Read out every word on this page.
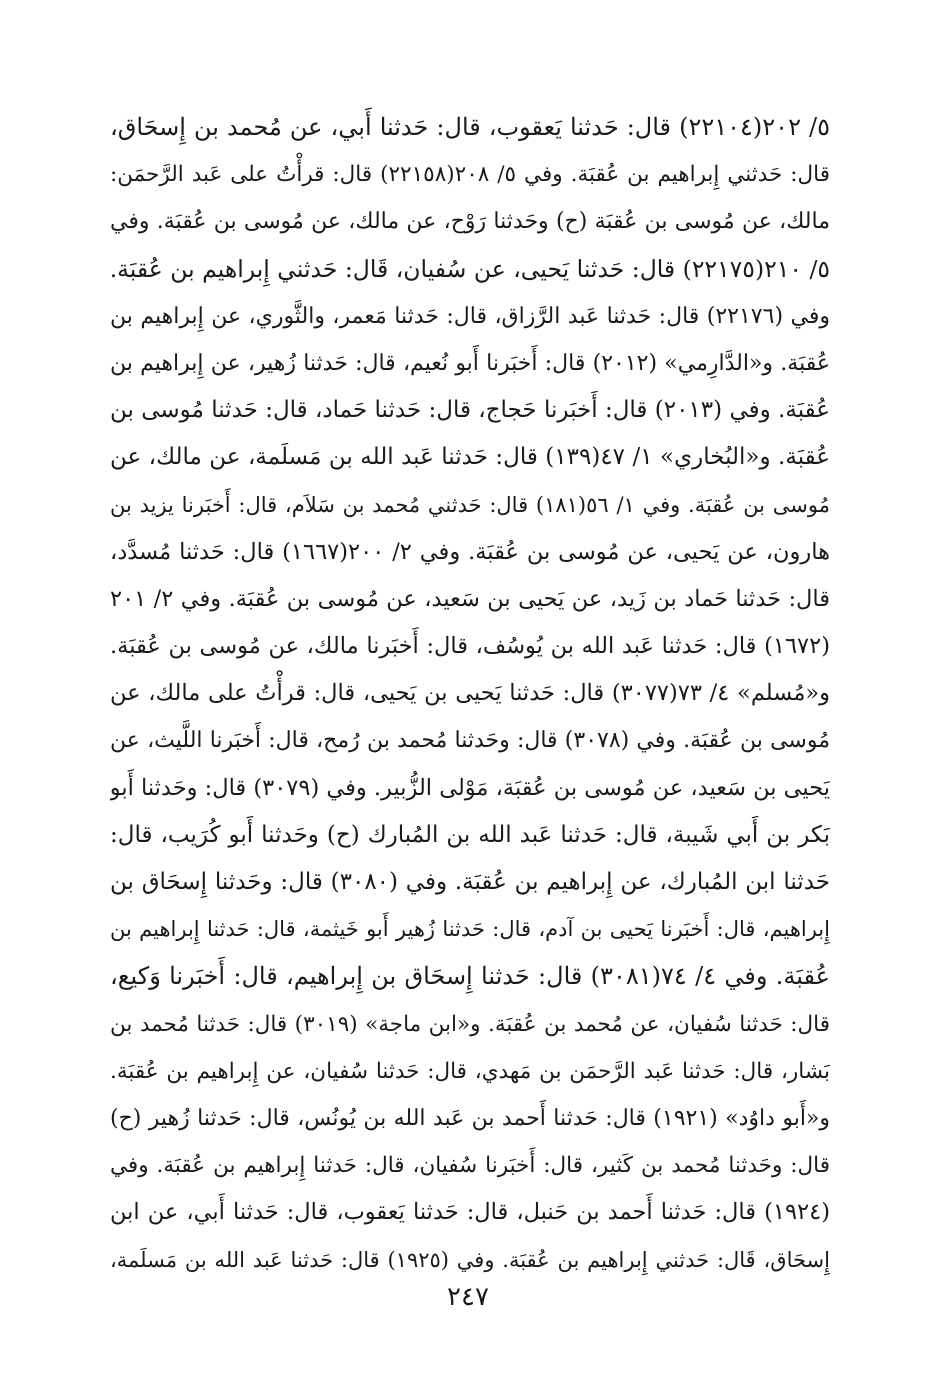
٥/ ٢٠٢(٢٢١٠٤) قال: حَدثنا يَعقوب، قال: حَدثنا أَبي، عن مُحمد بن إِسحَاق،
قال: حَدثني إِبراهيم بن عُقبَة. وفي ٥/ ٢٠٨(٢٢١٥٨) قال: قرأْتُ على عَبد الرَّحمَن:
مالك، عن مُوسى بن عُقبَة (ح) وحَدثنا رَوْح، عن مالك، عن مُوسى بن عُقبَة. وفي
٥/ ٢١٠(٢٢١٧٥) قال: حَدثنا يَحيى، عن سُفيان، قَال: حَدثني إِبراهيم بن عُقبَة.
وفي (٢٢١٧٦) قال: حَدثنا عَبد الرَّزاق، قال: حَدثنا مَعمر، والثَّوري، عن إِبراهيم بن
عُقبَة. و«الدَّارِمي» (٢٠١٢) قال: أَخبَرنا أَبو نُعيم، قال: حَدثنا زُهير، عن إِبراهيم بن
عُقبَة. وفي (٢٠١٣) قال: أَخبَرنا حَجاج، قال: حَدثنا حَماد، قال: حَدثنا مُوسى بن
عُقبَة. و«البُخاري» ١/ ٤٧(١٣٩) قال: حَدثنا عَبد الله بن مَسلَمة، عن مالك، عن
مُوسى بن عُقبَة. وفي ١/ ٥٦(١٨١) قال: حَدثني مُحمد بن سَلاَم، قال: أَخبَرنا يزيد بن
هارون، عن يَحيى، عن مُوسى بن عُقبَة. وفي ٢/ ٢٠٠(١٦٦٧) قال: حَدثنا مُسدَّد،
قال: حَدثنا حَماد بن زَيد، عن يَحيى بن سَعيد، عن مُوسى بن عُقبَة. وفي ٢/ ٢٠١
(١٦٧٢) قال: حَدثنا عَبد الله بن يُوسُف، قال: أَخبَرنا مالك، عن مُوسى بن عُقبَة.
و«مُسلم» ٤/ ٧٣(٣٠٧٧) قال: حَدثنا يَحيى بن يَحيى، قال: قرأْتُ على مالك، عن
مُوسى بن عُقبَة. وفي (٣٠٧٨) قال: وحَدثنا مُحمد بن رُمح، قال: أَخبَرنا اللَّيث، عن
يَحيى بن سَعيد، عن مُوسى بن عُقبَة، مَوْلى الزُّبير. وفي (٣٠٧٩) قال: وحَدثنا أَبو
بَكر بن أَبي شَيبة، قال: حَدثنا عَبد الله بن المُبارك (ح) وحَدثنا أَبو كُرَيب، قال:
حَدثنا ابن المُبارك، عن إِبراهيم بن عُقبَة. وفي (٣٠٨٠) قال: وحَدثنا إِسحَاق بن
إِبراهيم، قال: أَخبَرنا يَحيى بن آدم، قال: حَدثنا زُهير أَبو خَيثمة، قال: حَدثنا إِبراهيم بن
عُقبَة. وفي ٤/ ٧٤(٣٠٨١) قال: حَدثنا إِسحَاق بن إِبراهيم، قال: أَخبَرنا وَكيع،
قال: حَدثنا سُفيان، عن مُحمد بن عُقبَة. و«ابن ماجة» (٣٠١٩) قال: حَدثنا مُحمد بن
بَشار، قال: حَدثنا عَبد الرَّحمَن بن مَهدي، قال: حَدثنا سُفيان، عن إِبراهيم بن عُقبَة.
و«أَبو داوُد» (١٩٢١) قال: حَدثنا أَحمد بن عَبد الله بن يُونُس، قال: حَدثنا زُهير (ح)
قال: وحَدثنا مُحمد بن كَثير، قال: أَخبَرنا سُفيان، قال: حَدثنا إِبراهيم بن عُقبَة. وفي
(١٩٢٤) قال: حَدثنا أَحمد بن حَنبل، قال: حَدثنا يَعقوب، قال: حَدثنا أَبي، عن ابن
إِسحَاق، قَال: حَدثني إِبراهيم بن عُقبَة. وفي (١٩٢٥) قال: حَدثنا عَبد الله بن مَسلَمة،
٢٤٧
